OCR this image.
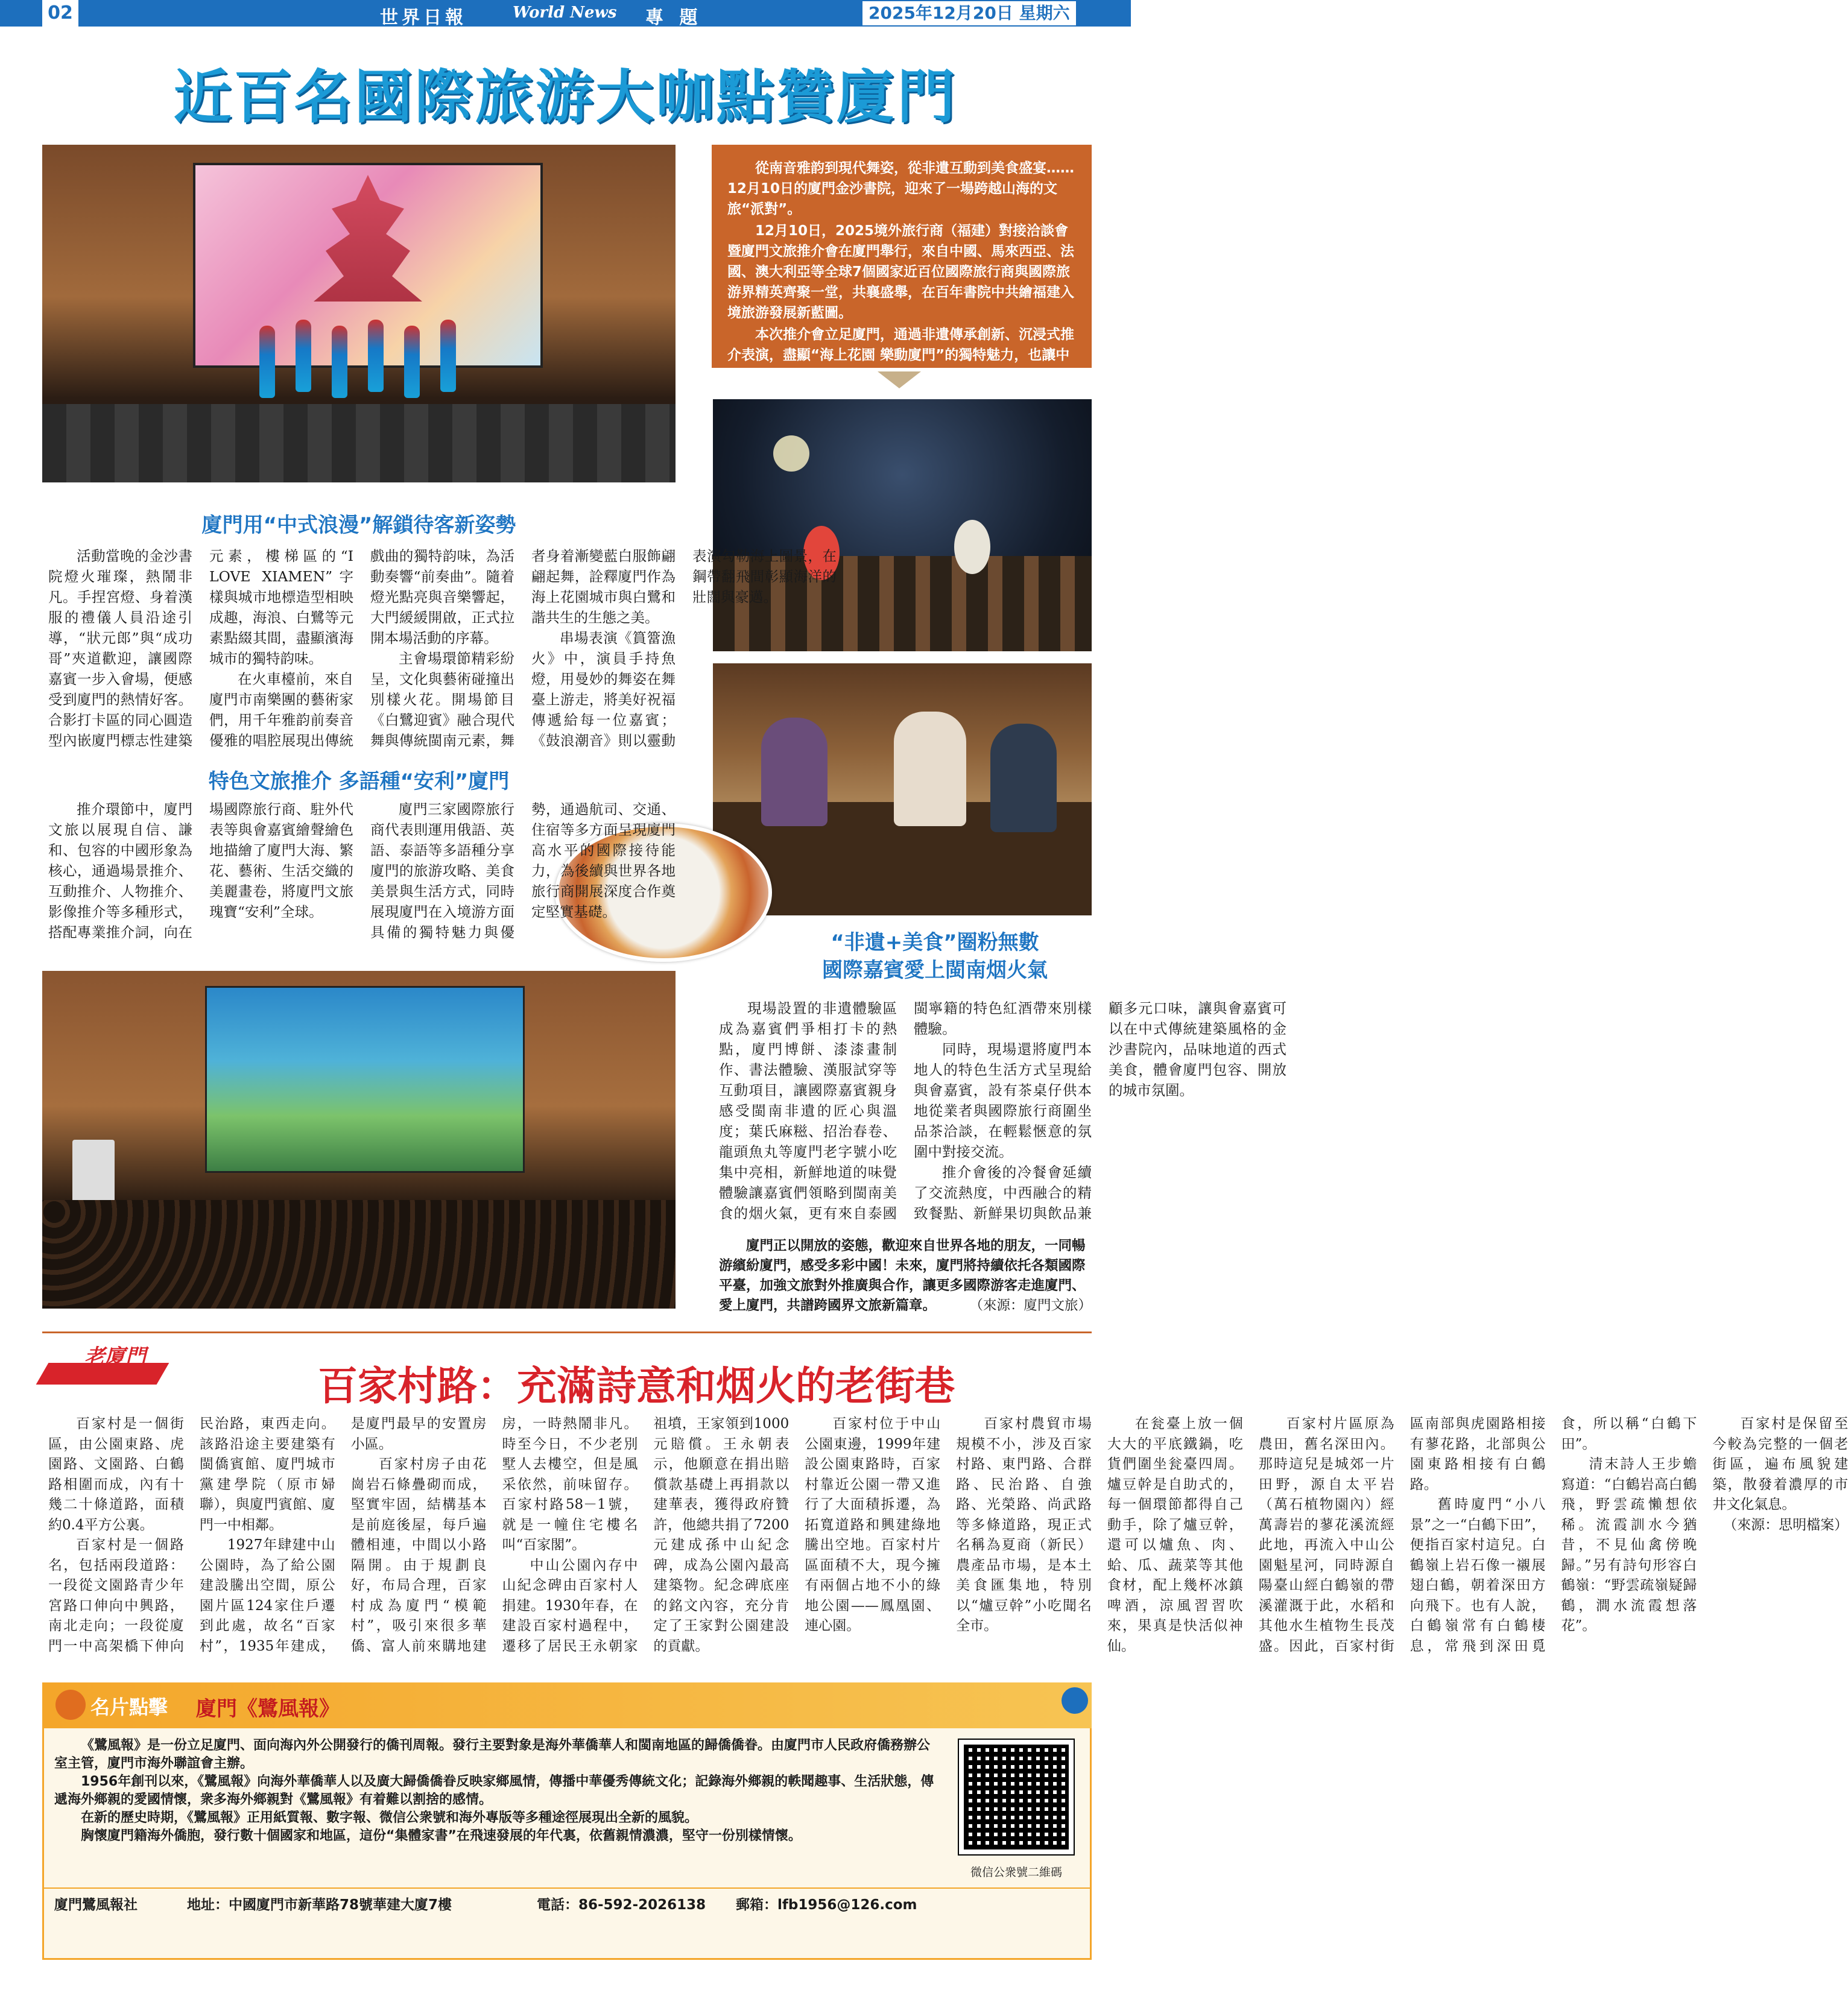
02	世界日報	World News 專 題	2025年12月20日 星期六
近百名國際旅游大咖點贊廈門

從南音雅韵到現代舞姿，從非遺互動到美食盛宴……12月10日的廈門金沙書院，迎來了一場跨越山海的文旅“派對”。

12月10日，2025境外旅行商（福建）對接洽談會暨廈門文旅推介會在廈門舉行，來自中國、馬來西亞、法國、澳大利亞等全球7個國家近百位國際旅行商與國際旅游界精英齊聚一堂，共襄盛舉，在百年書院中共繪福建入境旅游發展新藍圖。

本次推介會立足廈門，通過非遺傳承創新、沉浸式推介表演，盡顯“海上花園 樂動廈門”的獨特魅力，也讓中國文化借廈門窗口在國際舞臺薪火相傳、熠熠生輝。

廈門用“中式浪漫”解鎖待客新姿勢

活動當晚的金沙書院燈火璀璨，熱鬧非凡。手捏宮燈、身着漢服的禮儀人員沿途引導，“狀元郎”與“成功哥”夾道歡迎，讓國際嘉賓一步入會場，便感受到廈門的熱情好客。合影打卡區的同心圓造型內嵌廈門標志性建築元素，樓梯區的“I LOVE XIAMEN”字樣與城市地標造型相映成趣，海浪、白鷺等元素點綴其間，盡顯濱海城市的獨特韵味。

在火車檯前，來自廈門市南樂團的藝術家們，用千年雅韵前奏音優雅的唱腔展現出傳統戲曲的獨特韵味，為活動奏響“前奏曲”。隨着燈光點亮與音樂響起，大門緩緩開啟，正式拉開本場活動的序幕。

主會場環節精彩紛呈，文化與藝術碰撞出別樣火花。開場節目《白鷺迎賓》融合現代舞與傳統閩南元素，舞者身着漸變藍白服飾翩翩起舞，詮釋廈門作為海上花園城市與白鷺和諧共生的生態之美。

串場表演《篔簹漁火》中，演員手持魚燈，用曼妙的舞姿在舞臺上游走，將美好祝福傳遞給每一位嘉賓；《鼓浪潮音》則以靈動表演勾勒海上圖景，在鋼帶翻飛間彰顯海洋的壯闊與豪邁。

特色文旅推介 多語種“安利”廈門

推介環節中，廈門文旅以展現自信、謙和、包容的中國形象為核心，通過場景推介、互動推介、人物推介、影像推介等多種形式，搭配專業推介詞，向在場國際旅行商、駐外代表等與會嘉賓繪聲繪色地描繪了廈門大海、繁花、藝術、生活交織的美麗畫卷，將廈門文旅瑰寶“安利”全球。

廈門三家國際旅行商代表則運用俄語、英語、泰語等多語種分享廈門的旅游攻略、美食美景與生活方式，同時展現廈門在入境游方面具備的獨特魅力與優勢，通過航司、交通、住宿等多方面呈現廈門高水平的國際接待能力，為後續與世界各地旅行商開展深度合作奠定堅實基礎。

“非遺+美食”圈粉無數
國際嘉賓愛上閩南烟火氣

現場設置的非遺體驗區成為嘉賓們爭相打卡的熱點，廈門博餅、漆漆畫制作、書法體驗、漢服試穿等互動項目，讓國際嘉賓親身感受閩南非遺的匠心與溫度；葉氏麻糍、招治春卷、龍頭魚丸等廈門老字號小吃集中亮相，新鮮地道的味覺體驗讓嘉賓們領略到閩南美食的烟火氣，更有來自泰國閩寧籍的特色紅酒帶來別樣體驗。

同時，現場還將廈門本地人的特色生活方式呈現給與會嘉賓，設有茶桌仔供本地從業者與國際旅行商圍坐品茶洽談，在輕鬆愜意的氛圍中對接交流。

推介會後的冷餐會延續了交流熱度，中西融合的精致餐點、新鮮果切與飲品兼顧多元口味，讓與會嘉賓可以在中式傳統建築風格的金沙書院內，品味地道的西式美食，體會廈門包容、開放的城市氛圍。

廈門正以開放的姿態，歡迎來自世界各地的朋友，一同暢游繽紛廈門，感受多彩中國！未來，廈門將持續依托各類國際平臺，加強文旅對外推廣與合作，讓更多國際游客走進廈門、愛上廈門，共譜跨國界文旅新篇章。	（來源：廈門文旅）
老廈門
百家村路：充滿詩意和烟火的老街巷

百家村是一個街區，由公園東路、虎園路、文園路、白鶴路相圍而成，內有十幾二十條道路，面積約0.4平方公裏。

百家村是一個路名，包括兩段道路：一段從文園路青少年宮路口伸向中興路，南北走向；一段從廈門一中高架橋下伸向民治路，東西走向。該路沿途主要建築有閩僑賓館、廈門城市黨建學院（原市婦聯），與廈門賓館、廈門一中相鄰。

1927年肆建中山公園時，為了給公園建設騰出空間，原公園片區124家住戶遷到此處，故名“百家村”，1935年建成，是廈門最早的安置房小區。

百家村房子由花崗岩石條疊砌而成，堅實牢固，結構基本是前庭後屋，每戶遍體相連，中間以小路隔開。由于規劃良好，布局合理，百家村成為廈門“模範村”，吸引來很多華僑、富人前來購地建房，一時熱鬧非凡。時至今日，不少老別墅人去樓空，但是風采依然，前味留存。百家村路58－1號，就是一幢住宅樓名叫“百家閣”。

中山公園內存中山紀念碑由百家村人捐建。1930年春，在建設百家村過程中，遷移了居民王永朝家祖墳，王家領到1000元賠償。王永朝表示，他願意在捐出賠償款基礎上再捐款以建華表，獲得政府贊許，他總共捐了7200元建成孫中山紀念碑，成為公園內最高建築物。紀念碑底座的銘文內容，充分肯定了王家對公園建設的貢獻。

百家村位于中山公園東邊，1999年建設公園東路時，百家村靠近公園一帶又進行了大面積拆遷，為拓寬道路和興建綠地騰出空地。百家村片區面積不大，現今擁有兩個占地不小的綠地公園——鳳凰園、連心園。

百家村農貿市場規模不小，涉及百家村路、東門路、合群路、民治路、自強路、光榮路、尚武路等多條道路，現正式名稱為夏商（新民）農產品市場，是本土美食匯集地，特別以“爐豆幹”小吃聞名全市。

在瓮臺上放一個大大的平底鐵鍋，吃貨們圍坐瓮臺四周。爐豆幹是自助式的，每一個環節都得自己動手，除了爐豆幹，還可以爐魚、肉、蛤、瓜、蔬菜等其他食材，配上幾杯冰鎮啤酒，涼風習習吹來，果真是快活似神仙。

百家村片區原為農田，舊名深田內。那時這兒是城郊一片田野，源自太平岩（萬石植物園內）經萬壽岩的蓼花溪流經此地，再流入中山公園魁星河，同時源自陽臺山經白鶴嶺的帶溪灌溉于此，水稻和其他水生植物生長茂盛。因此，百家村街區南部與虎園路相接有蓼花路，北部與公園東路相接有白鶴路。

舊時廈門“小八景”之一“白鶴下田”，便指百家村這兒。白鶴嶺上岩石像一襯展翅白鶴，朝着深田方向飛下。也有人說，白鶴嶺常有白鶴棲息，常飛到深田覓食，所以稱“白鶴下田”。

清末詩人王步蟾寫道：“白鶴岩高白鶴飛，野雲疏懶想依稀。流霞訓水今猶昔，不見仙禽傍晚歸。”另有詩句形容白鶴嶺：“野雲疏嶺疑歸鶴，澗水流霞想落花”。

百家村是保留至今較為完整的一個老街區，遍布風貌建築，散發着濃厚的市井文化氣息。

（來源：思明檔案）

名片點擊 廈門《鷺風報》

《鷺風報》是一份立足廈門、面向海內外公開發行的僑刊周報。發行主要對象是海外華僑華人和閩南地區的歸僑僑眷。由廈門市人民政府僑務辦公室主管，廈門市海外聯誼會主辦。

1956年創刊以來，《鷺風報》向海外華僑華人以及廣大歸僑僑眷反映家鄉風情，傳播中華優秀傳統文化；記錄海外鄉親的軼聞趣事、生活狀態，傳遞海外鄉親的愛國情懷，衆多海外鄉親對《鷺風報》有着難以割捨的感情。

在新的歷史時期，《鷺風報》正用紙質報、數字報、微信公衆號和海外專版等多種途徑展現出全新的風貌。

胸懷廈門籍海外僑胞，發行數十個國家和地區，這份“集體家書”在飛速發展的年代裏，依舊親情濃濃，堅守一份別樣情懷。

微信公衆號二維碼
廈門鷺風報社	地址：中國廈門市新華路78號華建大廈7樓	電話：86-592-2026138 郵箱：lfb1956@126.com
